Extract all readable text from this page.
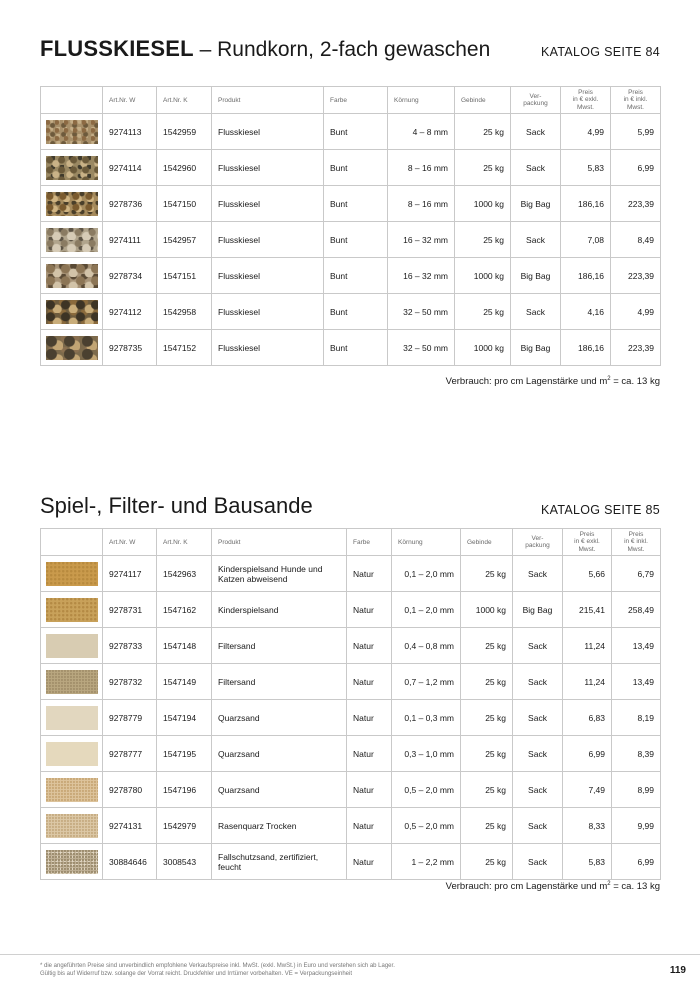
FLUSSKIESEL – Rundkorn, 2-fach gewaschen	KATALOG SEITE 84
	Art.Nr. W	Art.Nr. K	Produkt	Farbe	Körnung	Gebinde	Ver-
packung	Preis
in € exkl.
Mwst.	Preis
in € inkl.
Mwst.

	9274113	1542959	Flusskiesel	Bunt	4 – 8 mm	25 kg	Sack	4,99	5,99

	9274114	1542960	Flusskiesel	Bunt	8 – 16 mm	25 kg	Sack	5,83	6,99

	9278736	1547150	Flusskiesel	Bunt	8 – 16 mm	1000 kg	Big Bag	186,16	223,39

	9274111	1542957	Flusskiesel	Bunt	16 – 32 mm	25 kg	Sack	7,08	8,49

	9278734	1547151	Flusskiesel	Bunt	16 – 32 mm	1000 kg	Big Bag	186,16	223,39

	9274112	1542958	Flusskiesel	Bunt	32 – 50 mm	25 kg	Sack	4,16	4,99

	9278735	1547152	Flusskiesel	Bunt	32 – 50 mm	1000 kg	Big Bag	186,16	223,39
Verbrauch: pro cm Lagenstärke und $m^2$ = ca. 13 kg
Spiel-, Filter- und Bausande	KATALOG SEITE 85
	Art.Nr. W	Art.Nr. K	Produkt	Farbe	Körnung	Gebinde	Ver-
packung	Preis
in € exkl.
Mwst.	Preis
in € inkl.
Mwst.

	9274117	1542963	Kinderspielsand Hunde und Katzen abweisend	Natur	0,1 – 2,0 mm	25 kg	Sack	5,66	6,79

	9278731	1547162	Kinderspielsand	Natur	0,1 – 2,0 mm	1000 kg	Big Bag	215,41	258,49

	9278733	1547148	Filtersand	Natur	0,4 – 0,8 mm	25 kg	Sack	11,24	13,49

	9278732	1547149	Filtersand	Natur	0,7 – 1,2 mm	25 kg	Sack	11,24	13,49

	9278779	1547194	Quarzsand	Natur	0,1 – 0,3 mm	25 kg	Sack	6,83	8,19

	9278777	1547195	Quarzsand	Natur	0,3 – 1,0 mm	25 kg	Sack	6,99	8,39

	9278780	1547196	Quarzsand	Natur	0,5 – 2,0 mm	25 kg	Sack	7,49	8,99

	9274131	1542979	Rasenquarz Trocken	Natur	0,5 – 2,0 mm	25 kg	Sack	8,33	9,99

	30884646	3008543	Fallschutzsand, zertifiziert, feucht	Natur	1 – 2,2 mm	25 kg	Sack	5,83	6,99
Verbrauch: pro cm Lagenstärke und $m^2$ = ca. 13 kg
* die angeführten Preise sind unverbindlich empfohlene Verkaufspreise inkl. MwSt. (exkl. MwSt.) in Euro und verstehen sich ab Lager.
Gültig bis auf Widerruf bzw. solange der Vorrat reicht. Druckfehler und Irrtümer vorbehalten. VE = Verpackungseinheit	119
